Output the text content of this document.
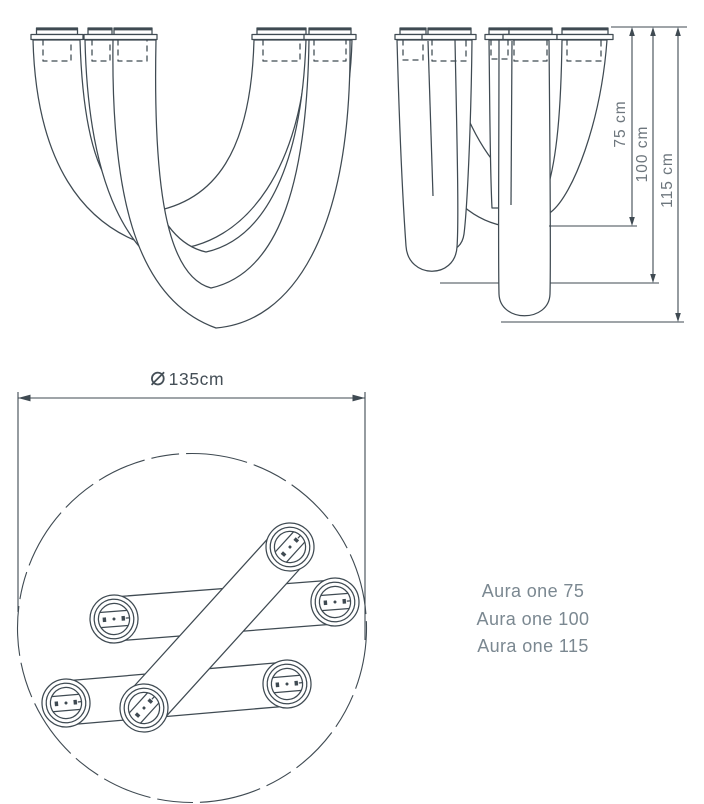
75 cm
100 cm 115 cm
⌀ 135cm
Aura one 75
Aura one 100
Aura one 115
